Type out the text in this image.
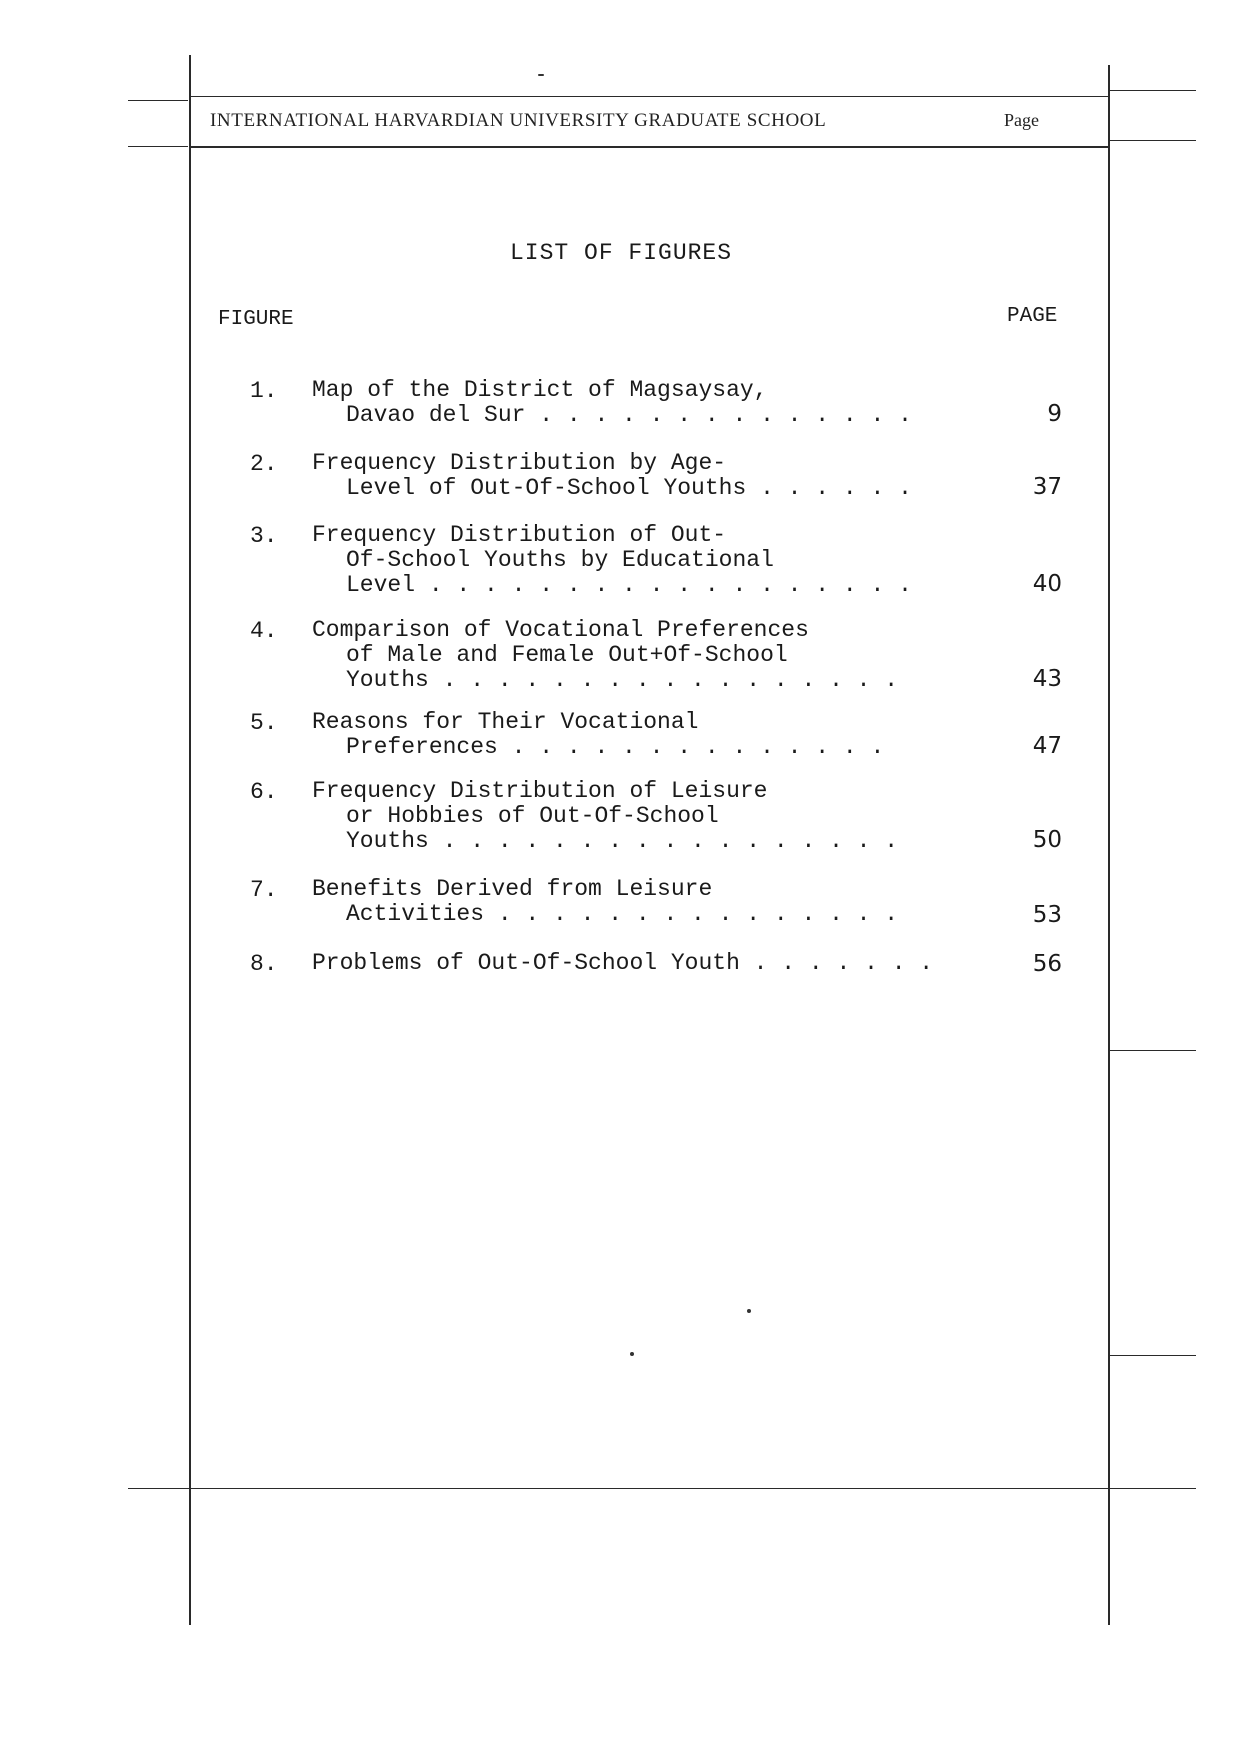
INTERNATIONAL HARVARDIAN UNIVERSITY GRADUATE SCHOOL	Page
LIST OF FIGURES
FIGURE	PAGE
1. Map of the District of Magsaysay,
Davao del Sur . . . . . . . . . . . . . .	9
2. Frequency Distribution by Age-
Level of Out-Of-School Youths . . . . . .	37
3. Frequency Distribution of Out-
Of-School Youths by Educational
Level . . . . . . . . . . . . . . . . . .	40
4. Comparison of Vocational Preferences
of Male and Female Out+Of-School
Youths . . . . . . . . . . . . . . . . .	43
5. Reasons for Their Vocational
Preferences . . . . . . . . . . . . . .	47
6. Frequency Distribution of Leisure
or Hobbies of Out-Of-School
Youths . . . . . . . . . . . . . . . . .	50
7. Benefits Derived from Leisure
Activities . . . . . . . . . . . . . . .	53
8. Problems of Out-Of-School Youth . . . . . . .	56
